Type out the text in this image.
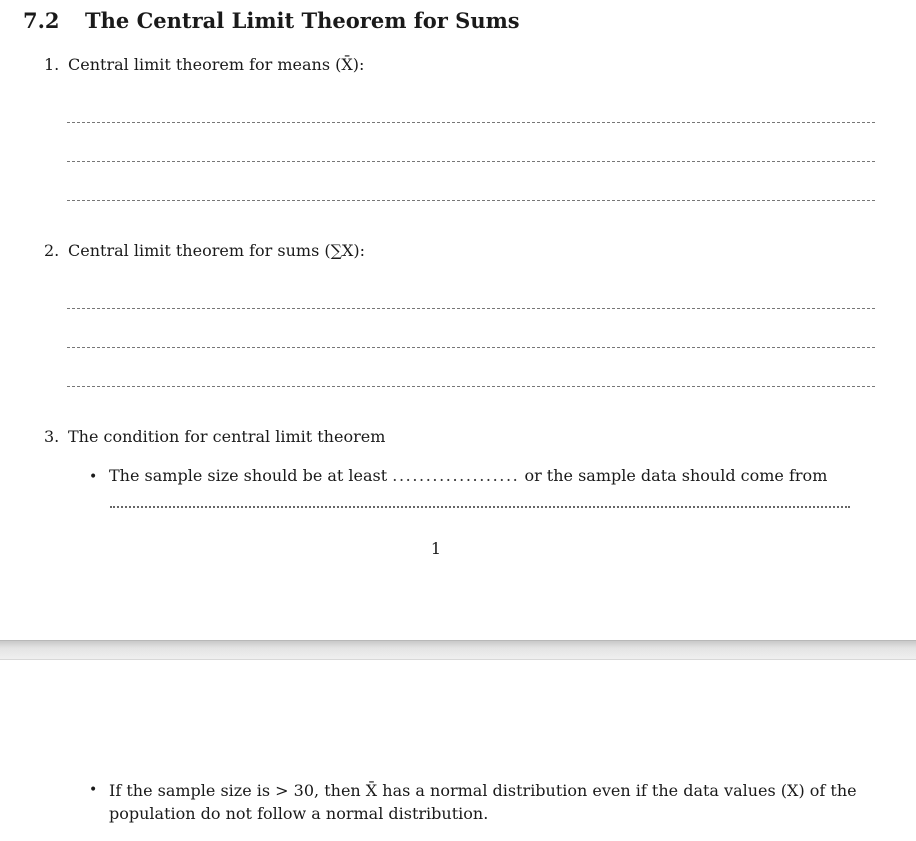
7.2 The Central Limit Theorem for Sums
1. Central limit theorem for means (X̄):
2. Central limit theorem for sums (∑X):
3. The condition for central limit theorem
• The sample size should be at least ................... or the sample data should come from
1
• If the sample size is > 30, then X̄ has a normal distribution even if the data values (X) of the population do not follow a normal distribution.
